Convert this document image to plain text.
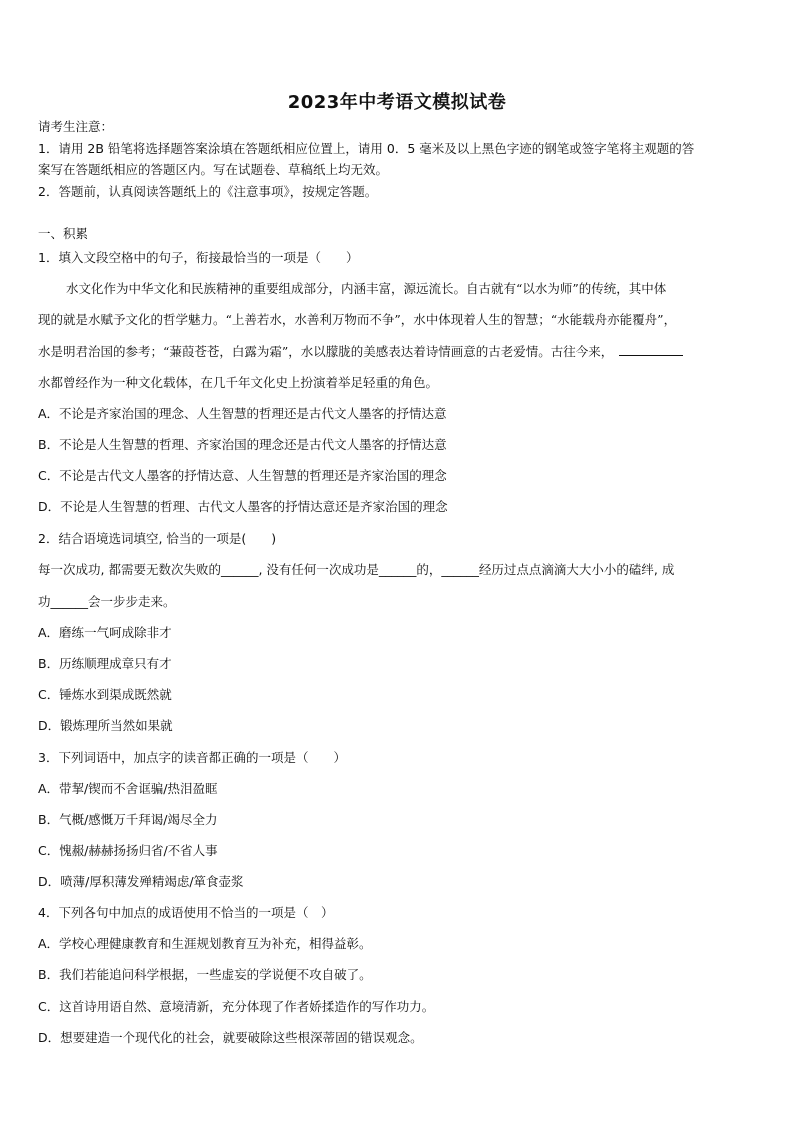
2023年中考语文模拟试卷
请考生注意：
1．请用 2B 铅笔将选择题答案涂填在答题纸相应位置上，请用 0．5 毫米及以上黑色字迹的钢笔或签字笔将主观题的答
案写在答题纸相应的答题区内。写在试题卷、草稿纸上均无效。
2．答题前，认真阅读答题纸上的《注意事项》，按规定答题。
一、积累
1．填入文段空格中的句子，衔接最恰当的一项是（　　）
水文化作为中华文化和民族精神的重要组成部分，内涵丰富，源远流长。自古就有“以水为师”的传统，其中体
现的就是水赋予文化的哲学魅力。“上善若水，水善利万物而不争”，水中体现着人生的智慧；“水能载舟亦能覆舟”，
水是明君治国的参考；“蒹葭苍苍，白露为霜”，水以朦胧的美感表达着诗情画意的古老爱情。古往今来，
水都曾经作为一种文化载体，在几千年文化史上扮演着举足轻重的角色。
A．不论是齐家治国的理念、人生智慧的哲理还是古代文人墨客的抒情达意
B．不论是人生智慧的哲理、齐家治国的理念还是古代文人墨客的抒情达意
C．不论是古代文人墨客的抒情达意、人生智慧的哲理还是齐家治国的理念
D．不论是人生智慧的哲理、古代文人墨客的抒情达意还是齐家治国的理念
2．结合语境选词填空, 恰当的一项是(　　)
每一次成功, 都需要无数次失败的______, 没有任何一次成功是______的，______经历过点点滴滴大大小小的磕绊, 成
功______会一步步走来。
A．磨练一气呵成除非才
B．历练顺理成章只有才
C．锤炼水到渠成既然就
D．锻炼理所当然如果就
3．下列词语中，加点字的读音都正确的一项是（　　）
A．带挈/锲而不舍诓骗/热泪盈眶
B．气概/感慨万千拜谒/竭尽全力
C．愧赧/赫赫扬扬归省/不省人事
D．喷薄/厚积薄发殚精竭虑/箪食壶浆
4．下列各句中加点的成语使用不恰当的一项是（　）
A．学校心理健康教育和生涯规划教育互为补充，相得益彰。
B．我们若能追问科学根据，一些虚妄的学说便不攻自破了。
C．这首诗用语自然、意境清新，充分体现了作者娇揉造作的写作功力。
D．想要建造一个现代化的社会，就要破除这些根深蒂固的错误观念。
